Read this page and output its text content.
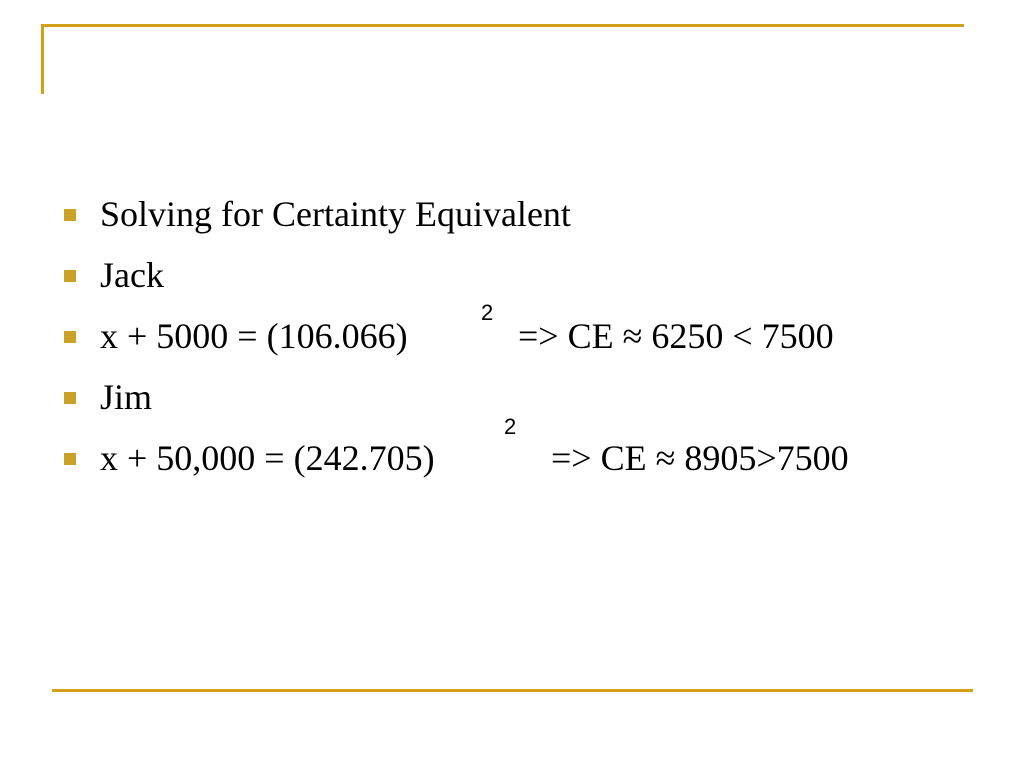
Solving for Certainty Equivalent
Jack
x + 5000 = (106.066)
2
=> CE ≈ 6250 < 7500
Jim
x + 50,000 = (242.705)
2
=> CE ≈ 8905>7500
